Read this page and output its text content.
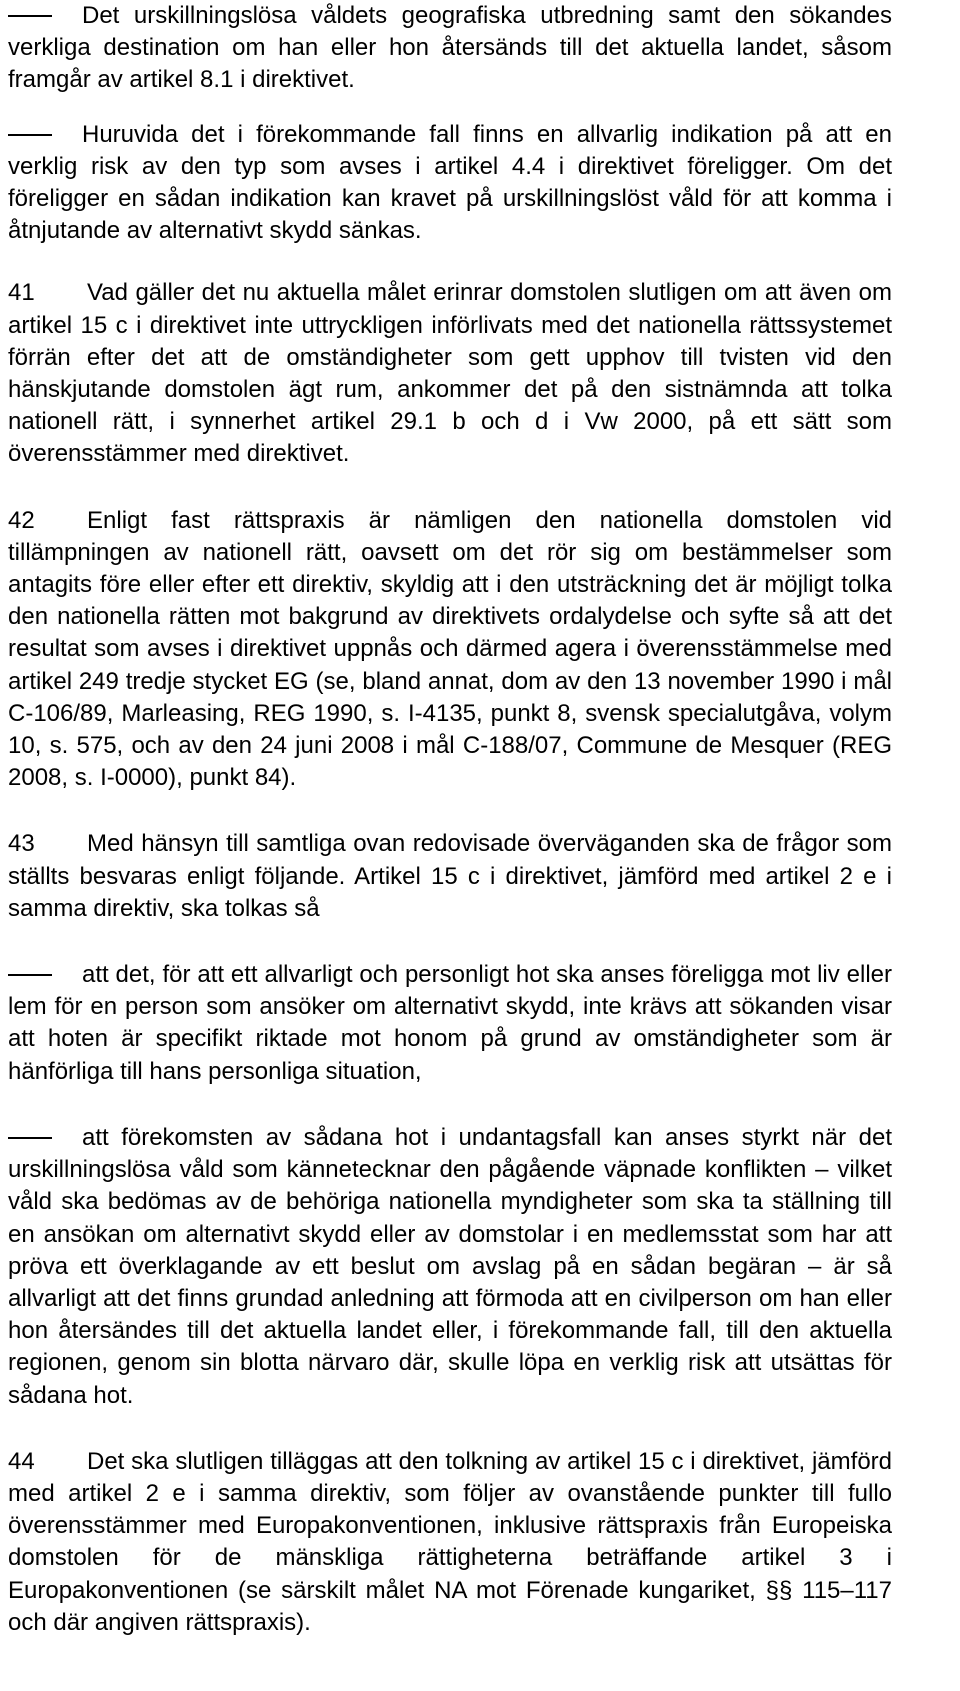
Det urskillningslösa våldets geografiska utbredning samt den sökandes verkliga destination om han eller hon återsänds till det aktuella landet, såsom framgår av artikel 8.1 i direktivet.

Huruvida det i förekommande fall finns en allvarlig indikation på att en verklig risk av den typ som avses i artikel 4.4 i direktivet föreligger. Om det föreligger en sådan indikation kan kravet på urskillningslöst våld för att komma i åtnjutande av alternativt skydd sänkas.

41 Vad gäller det nu aktuella målet erinrar domstolen slutligen om att även om artikel 15 c i direktivet inte uttryckligen införlivats med det nationella rättssystemet förrän efter det att de omständigheter som gett upphov till tvisten vid den hänskjutande domstolen ägt rum, ankommer det på den sistnämnda att tolka nationell rätt, i synnerhet artikel 29.1 b och d i Vw 2000, på ett sätt som överensstämmer med direktivet.

42 Enligt fast rättspraxis är nämligen den nationella domstolen vid tillämpningen av nationell rätt, oavsett om det rör sig om bestämmelser som antagits före eller efter ett direktiv, skyldig att i den utsträckning det är möjligt tolka den nationella rätten mot bakgrund av direktivets ordalydelse och syfte så att det resultat som avses i direktivet uppnås och därmed agera i överensstämmelse med artikel 249 tredje stycket EG (se, bland annat, dom av den 13 november 1990 i mål C-106/89, Marleasing, REG 1990, s. I-4135, punkt 8, svensk specialutgåva, volym 10, s. 575, och av den 24 juni 2008 i mål C-188/07, Commune de Mesquer (REG 2008, s. I-0000), punkt 84).

43 Med hänsyn till samtliga ovan redovisade överväganden ska de frågor som ställts besvaras enligt följande. Artikel 15 c i direktivet, jämförd med artikel 2 e i samma direktiv, ska tolkas så

att det, för att ett allvarligt och personligt hot ska anses föreligga mot liv eller lem för en person som ansöker om alternativt skydd, inte krävs att sökanden visar att hoten är specifikt riktade mot honom på grund av omständigheter som är hänförliga till hans personliga situation,

att förekomsten av sådana hot i undantagsfall kan anses styrkt när det urskillningslösa våld som kännetecknar den pågående väpnade konflikten – vilket våld ska bedömas av de behöriga nationella myndigheter som ska ta ställning till en ansökan om alternativt skydd eller av domstolar i en medlemsstat som har att pröva ett överklagande av ett beslut om avslag på en sådan begäran – är så allvarligt att det finns grundad anledning att förmoda att en civilperson om han eller hon återsändes till det aktuella landet eller, i förekommande fall, till den aktuella regionen, genom sin blotta närvaro där, skulle löpa en verklig risk att utsättas för sådana hot.

44 Det ska slutligen tilläggas att den tolkning av artikel 15 c i direktivet, jämförd med artikel 2 e i samma direktiv, som följer av ovanstående punkter till fullo överensstämmer med Europakonventionen, inklusive rättspraxis från Europeiska domstolen för de mänskliga rättigheterna beträffande artikel 3 i Europakonventionen (se särskilt målet NA mot Förenade kungariket, §§ 115–117 och där angiven rättspraxis).
